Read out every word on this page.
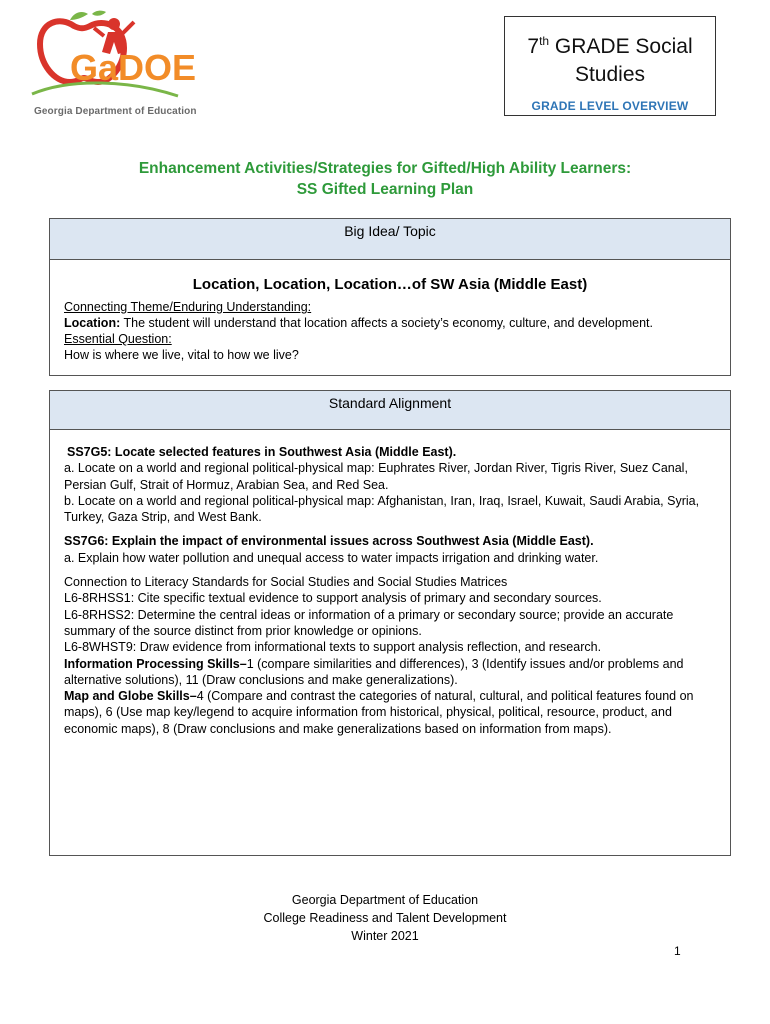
GaDOE
Georgia Department of Education
7th GRADE Social Studies
GRADE LEVEL OVERVIEW
Enhancement Activities/Strategies for Gifted/High Ability Learners:
SS Gifted Learning Plan
Big Idea/ Topic
Location, Location, Location…of SW Asia (Middle East)
Connecting Theme/Enduring Understanding:
Location: The student will understand that location affects a society’s economy, culture, and development.
Essential Question:
How is where we live, vital to how we live?
Standard Alignment

SS7G5: Locate selected features in Southwest Asia (Middle East).
a. Locate on a world and regional political-physical map: Euphrates River, Jordan River, Tigris River, Suez Canal, Persian Gulf, Strait of Hormuz, Arabian Sea, and Red Sea.
b. Locate on a world and regional political-physical map: Afghanistan, Iran, Iraq, Israel, Kuwait, Saudi Arabia, Syria, Turkey, Gaza Strip, and West Bank.

SS7G6: Explain the impact of environmental issues across Southwest Asia (Middle East).
a. Explain how water pollution and unequal access to water impacts irrigation and drinking water.

Connection to Literacy Standards for Social Studies and Social Studies Matrices
L6-8RHSS1: Cite specific textual evidence to support analysis of primary and secondary sources.
L6-8RHSS2: Determine the central ideas or information of a primary or secondary source; provide an accurate summary of the source distinct from prior knowledge or opinions.
L6-8WHST9: Draw evidence from informational texts to support analysis reflection, and research.
Information Processing Skills–1 (compare similarities and differences), 3 (Identify issues and/or problems and alternative solutions), 11 (Draw conclusions and make generalizations).
Map and Globe Skills–4 (Compare and contrast the categories of natural, cultural, and political features found on maps), 6 (Use map key/legend to acquire information from historical, physical, political, resource, product, and economic maps), 8 (Draw conclusions and make generalizations based on information from maps).

Georgia Department of Education
College Readiness and Talent Development
Winter 2021
1
